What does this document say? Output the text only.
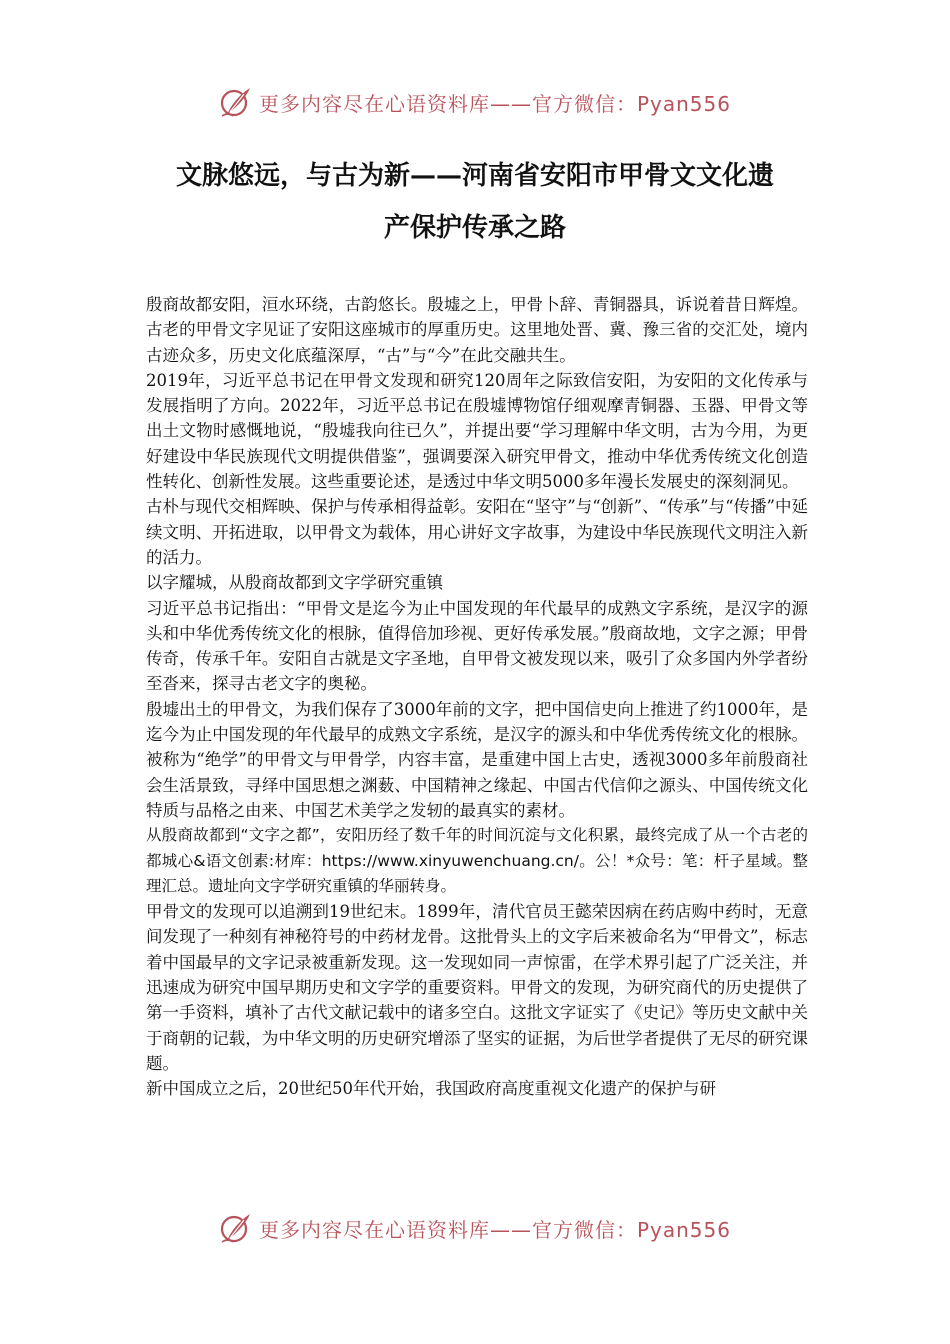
更多内容尽在心语资料库——官方微信：Pyan556
文脉悠远，与古为新——河南省安阳市甲骨文文化遗
产保护传承之路

殷商故都安阳，洹水环绕，古韵悠长。殷墟之上，甲骨卜辞、青铜器具，诉说着昔日辉煌。古老的甲骨文字见证了安阳这座城市的厚重历史。这里地处晋、冀、豫三省的交汇处，境内古迹众多，历史文化底蕴深厚，“古”与“今”在此交融共生。

2019年，习近平总书记在甲骨文发现和研究120周年之际致信安阳，为安阳的文化传承与发展指明了方向。2022年，习近平总书记在殷墟博物馆仔细观摩青铜器、玉器、甲骨文等出土文物时感慨地说，“殷墟我向往已久”，并提出要“学习理解中华文明，古为今用，为更好建设中华民族现代文明提供借鉴”，强调要深入研究甲骨文，推动中华优秀传统文化创造性转化、创新性发展。这些重要论述，是透过中华文明5000多年漫长发展史的深刻洞见。

古朴与现代交相辉映、保护与传承相得益彰。安阳在“坚守”与“创新”、“传承”与“传播”中延续文明、开拓进取，以甲骨文为载体，用心讲好文字故事，为建设中华民族现代文明注入新的活力。

以字耀城，从殷商故都到文字学研究重镇

习近平总书记指出：“甲骨文是迄今为止中国发现的年代最早的成熟文字系统，是汉字的源头和中华优秀传统文化的根脉，值得倍加珍视、更好传承发展。”殷商故地，文字之源；甲骨传奇，传承千年。安阳自古就是文字圣地，自甲骨文被发现以来，吸引了众多国内外学者纷至沓来，探寻古老文字的奥秘。

殷墟出土的甲骨文，为我们保存了3000年前的文字，把中国信史向上推进了约1000年，是迄今为止中国发现的年代最早的成熟文字系统，是汉字的源头和中华优秀传统文化的根脉。被称为“绝学”的甲骨文与甲骨学，内容丰富，是重建中国上古史，透视3000多年前殷商社会生活景致，寻绎中国思想之渊薮、中国精神之缘起、中国古代信仰之源头、中国传统文化特质与品格之由来、中国艺术美学之发轫的最真实的素材。

从殷商故都到“文字之都”，安阳历经了数千年的时间沉淀与文化积累，最终完成了从一个古老的都城心&语文创素:材库：https://www.xinyuwenchuang.cn/。公！*众号：笔：杆子星域。整理汇总。遗址向文字学研究重镇的华丽转身。

甲骨文的发现可以追溯到19世纪末。1899年，清代官员王懿荣因病在药店购中药时，无意间发现了一种刻有神秘符号的中药材龙骨。这批骨头上的文字后来被命名为“甲骨文”，标志着中国最早的文字记录被重新发现。这一发现如同一声惊雷，在学术界引起了广泛关注，并迅速成为研究中国早期历史和文字学的重要资料。甲骨文的发现，为研究商代的历史提供了第一手资料，填补了古代文献记载中的诸多空白。这批文字证实了《史记》等历史文献中关于商朝的记载，为中华文明的历史研究增添了坚实的证据，为后世学者提供了无尽的研究课题。

新中国成立之后，20世纪50年代开始，我国政府高度重视文化遗产的保护与研

更多内容尽在心语资料库——官方微信：Pyan556
